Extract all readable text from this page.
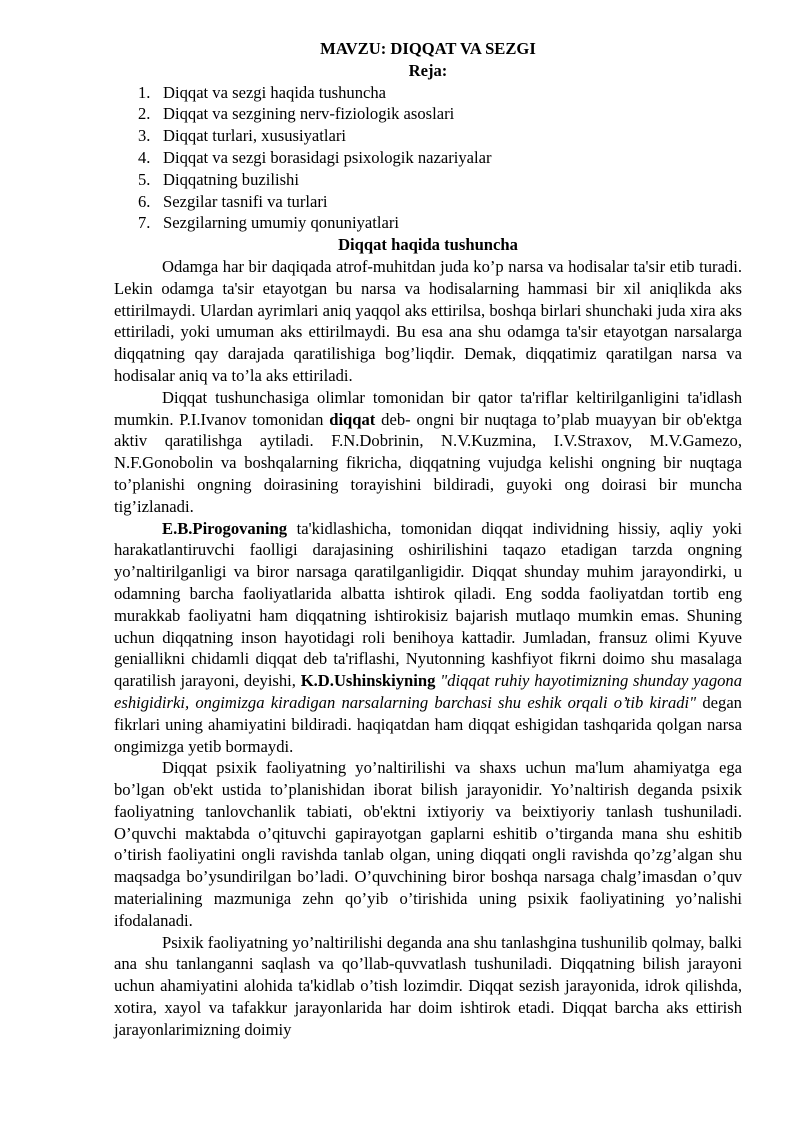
MAVZU: DIQQAT VA SEZGI
Reja:
1. Diqqat va sezgi haqida tushuncha
2. Diqqat va sezgining nerv-fiziologik asoslari
3. Diqqat turlari, xususiyatlari
4. Diqqat va sezgi borasidagi psixologik nazariyalar
5. Diqqatning buzilishi
6. Sezgilar tasnifi va turlari
7. Sezgilarning umumiy qonuniyatlari
Diqqat haqida tushuncha

Odamga har bir daqiqada atrof-muhitdan juda ko’p narsa va hodisalar ta'sir etib turadi. Lekin odamga ta'sir etayotgan bu narsa va hodisalarning hammasi bir xil aniqlikda aks ettirilmaydi. Ulardan ayrimlari aniq yaqqol aks ettirilsa, boshqa birlari shunchaki juda xira aks ettiriladi, yoki umuman aks ettirilmaydi. Bu esa ana shu odamga ta'sir etayotgan narsalarga diqqatning qay darajada qaratilishiga bog’liqdir. Demak, diqqatimiz qaratilgan narsa va hodisalar aniq va to’la aks ettiriladi.

Diqqat tushunchasiga olimlar tomonidan bir qator ta'riflar keltirilganligini ta'idlash mumkin. P.I.Ivanov tomonidan diqqat deb- ongni bir nuqtaga to’plab muayyan bir ob'ektga aktiv qaratilishga aytiladi. F.N.Dobrinin, N.V.Kuzmina, I.V.Straxov, M.V.Gamezo, N.F.Gonobolin va boshqalarning fikricha, diqqatning vujudga kelishi ongning bir nuqtaga to’planishi ongning doirasining torayishini bildiradi, guyoki ong doirasi bir muncha tig’izlanadi.

E.B.Pirogovaning ta'kidlashicha, tomonidan diqqat individning hissiy, aqliy yoki harakatlantiruvchi faolligi darajasining oshirilishini taqazo etadigan tarzda ongning yo’naltirilganligi va biror narsaga qaratilganligidir. Diqqat shunday muhim jarayondirki, u odamning barcha faoliyatlarida albatta ishtirok qiladi. Eng sodda faoliyatdan tortib eng murakkab faoliyatni ham diqqatning ishtirokisiz bajarish mutlaqo mumkin emas. Shuning uchun diqqatning inson hayotidagi roli benihoya kattadir. Jumladan, fransuz olimi Kyuve geniallikni chidamli diqqat deb ta'riflashi, Nyutonning kashfiyot fikrni doimo shu masalaga qaratilish jarayoni, deyishi, K.D.Ushinskiyning "diqqat ruhiy hayotimizning shunday yagona eshigidirki, ongimizga kiradigan narsalarning barchasi shu eshik orqali o’tib kiradi" degan fikrlari uning ahamiyatini bildiradi. haqiqatdan ham diqqat eshigidan tashqarida qolgan narsa ongimizga yetib bormaydi.

Diqqat psixik faoliyatning yo’naltirilishi va shaxs uchun ma'lum ahamiyatga ega bo’lgan ob'ekt ustida to’planishidan iborat bilish jarayonidir. Yo’naltirish deganda psixik faoliyatning tanlovchanlik tabiati, ob'ektni ixtiyoriy va beixtiyoriy tanlash tushuniladi. O’quvchi maktabda o’qituvchi gapirayotgan gaplarni eshitib o’tirganda mana shu eshitib o’tirish faoliyatini ongli ravishda tanlab olgan, uning diqqati ongli ravishda qo’zg’algan shu maqsadga bo’ysundirilgan bo’ladi. O’quvchining biror boshqa narsaga chalg’imasdan o’quv materialining mazmuniga zehn qo’yib o’tirishida uning psixik faoliyatining yo’nalishi ifodalanadi.

Psixik faoliyatning yo’naltirilishi deganda ana shu tanlashgina tushunilib qolmay, balki ana shu tanlanganni saqlash va qo’llab-quvvatlash tushuniladi. Diqqatning bilish jarayoni uchun ahamiyatini alohida ta'kidlab o’tish lozimdir. Diqqat sezish jarayonida, idrok qilishda, xotira, xayol va tafakkur jarayonlarida har doim ishtirok etadi. Diqqat barcha aks ettirish jarayonlarimizning doimiy
